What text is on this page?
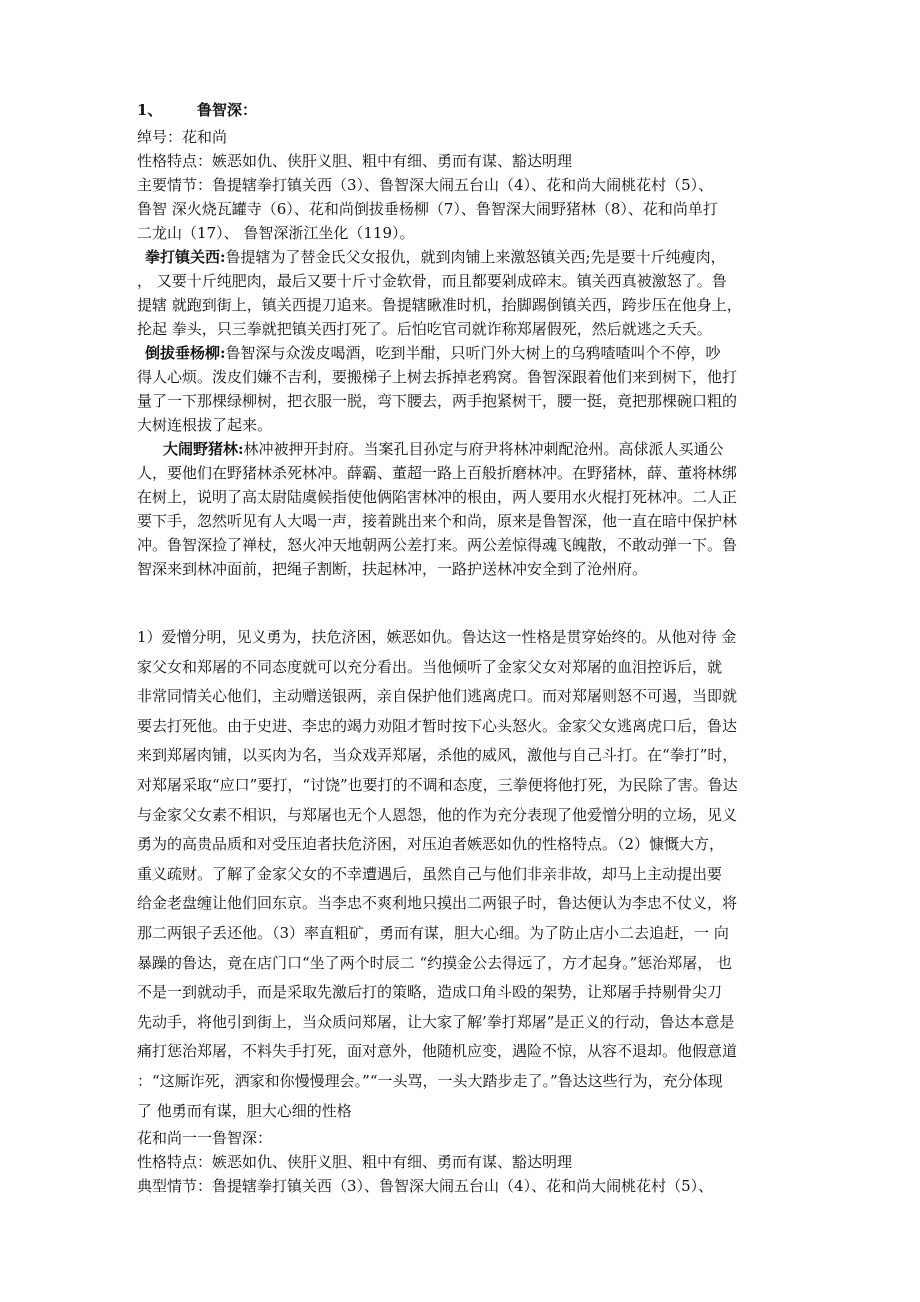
1、 鲁智深：
绰号：花和尚
性格特点：嫉恶如仇、侠肝义胆、粗中有细、勇而有谋、豁达明理
主要情节：鲁提辖拳打镇关西（3）、鲁智深大闹五台山（4）、花和尚大闹桃花村（5）、
鲁智 深火烧瓦罐寺（6）、花和尚倒拔垂杨柳（7）、鲁智深大闹野猪林（8）、花和尚单打
二龙山（17）、 鲁智深浙江坐化（119）。
拳打镇关西:鲁提辖为了替金氏父女报仇，就到肉铺上来激怒镇关西;先是要十斤纯瘦肉，
， 又要十斤纯肥肉，最后又要十斤寸金软骨，而且都要剁成碎末。镇关西真被激怒了。鲁
提辖 就跑到街上，镇关西提刀追来。鲁提辖瞅准时机，抬脚踢倒镇关西，跨步压在他身上，
抡起 拳头，只三拳就把镇关西打死了。后怕吃官司就诈称郑屠假死，然后就逃之夭夭。
倒拔垂杨柳:鲁智深与众泼皮喝酒，吃到半酣，只听门外大树上的乌鸦喳喳叫个不停，吵
得人心烦。泼皮们嫌不吉利，要搬梯子上树去拆掉老鸦窝。鲁智深跟着他们来到树下，他打
量了一下那棵绿柳树，把衣服一脱，弯下腰去，两手抱紧树干，腰一挺，竟把那棵碗口粗的
大树连根拔了起来。
大闹野猪林:林冲被押开封府。当案孔目孙定与府尹将林冲刺配沧州。高俅派人买通公
人，要他们在野猪林杀死林冲。薛霸、董超一路上百般折磨林冲。在野猪林，薛、董将林绑
在树上，说明了高太尉陆虞候指使他俩陷害林冲的根由，两人要用水火棍打死林冲。二人正
要下手，忽然听见有人大喝一声，接着跳出来个和尚，原来是鲁智深，他一直在暗中保护林
冲。鲁智深捡了禅杖，怒火冲天地朝两公差打来。两公差惊得魂飞魄散，不敢动弹一下。鲁
智深来到林冲面前，把绳子割断，扶起林冲，一路护送林冲安全到了沧州府。
1）爱憎分明，见义勇为，扶危济困，嫉恶如仇。鲁达这一性格是贯穿始终的。从他对待 金
家父女和郑屠的不同态度就可以充分看出。当他倾听了金家父女对郑屠的血泪控诉后，就
非常同情关心他们，主动赠送银两，亲自保护他们逃离虎口。而对郑屠则怒不可遏，当即就
要去打死他。由于史进、李忠的竭力劝阻才暂时按下心头怒火。金家父女逃离虎口后，鲁达
来到郑屠肉铺，以买肉为名，当众戏弄郑屠，杀他的威风，激他与自己斗打。在“拳打”时，
对郑屠采取“应口”要打，“讨饶”也要打的不调和态度，三拳便将他打死，为民除了害。鲁达
与金家父女素不相识，与郑屠也无个人恩怨，他的作为充分表现了他爱憎分明的立场，见义
勇为的高贵品质和对受压迫者扶危济困，对压迫者嫉恶如仇的性格特点。（2）慷慨大方，
重义疏财。了解了金家父女的不幸遭遇后，虽然自己与他们非亲非故，却马上主动提出要
给金老盘缠让他们回东京。当李忠不爽利地只摸出二两银子时，鲁达便认为李忠不仗义，将
那二两银子丢还他。（3）率直粗矿，勇而有谋，胆大心细。为了防止店小二去追赶，一 向
暴躁的鲁达，竟在店门口“坐了两个时辰二 “约摸金公去得远了，方才起身。”惩治郑屠， 也
不是一到就动手，而是采取先激后打的策略，造成口角斗殴的架势，让郑屠手持剔骨尖刀
先动手，将他引到街上，当众质问郑屠，让大家了解’拳打郑屠”是正义的行动，鲁达本意是
痛打惩治郑屠，不料失手打死，面对意外，他随机应变，遇险不惊，从容不退却。他假意道
：“这厮诈死，洒家和你慢慢理会。”“一头骂，一头大踏步走了。”鲁达这些行为，充分体现
了 他勇而有谋，胆大心细的性格
花和尚一一鲁智深：
性格特点：嫉恶如仇、侠肝义胆、粗中有细、勇而有谋、豁达明理
典型情节：鲁提辖拳打镇关西（3）、鲁智深大闹五台山（4）、花和尚大闹桃花村（5）、
